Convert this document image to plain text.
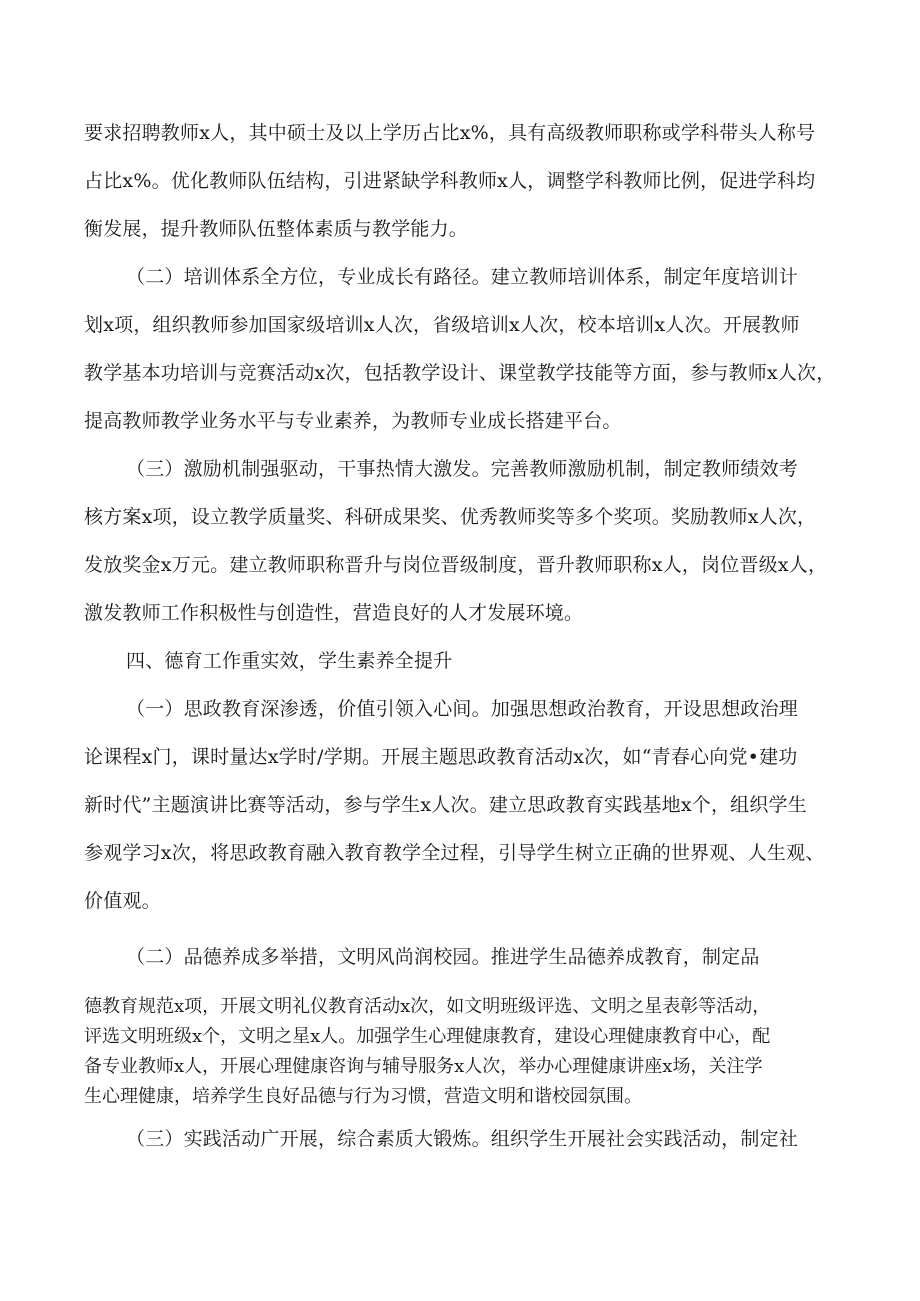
要求招聘教师x人，其中硕士及以上学历占比x%，具有高级教师职称或学科带头人称号
占比x%。优化教师队伍结构，引进紧缺学科教师x人，调整学科教师比例，促进学科均
衡发展，提升教师队伍整体素质与教学能力。
（二）培训体系全方位，专业成长有路径。建立教师培训体系，制定年度培训计
划x项，组织教师参加国家级培训x人次，省级培训x人次，校本培训x人次。开展教师
教学基本功培训与竞赛活动x次，包括教学设计、课堂教学技能等方面，参与教师x人次，
提高教师教学业务水平与专业素养，为教师专业成长搭建平台。
（三）激励机制强驱动，干事热情大激发。完善教师激励机制，制定教师绩效考
核方案x项，设立教学质量奖、科研成果奖、优秀教师奖等多个奖项。奖励教师x人次，
发放奖金x万元。建立教师职称晋升与岗位晋级制度，晋升教师职称x人，岗位晋级x人，
激发教师工作积极性与创造性，营造良好的人才发展环境。
四、德育工作重实效，学生素养全提升
（一）思政教育深渗透，价值引领入心间。加强思想政治教育，开设思想政治理
论课程x门，课时量达x学时/学期。开展主题思政教育活动x次，如“青春心向党•建功
新时代”主题演讲比赛等活动，参与学生x人次。建立思政教育实践基地x个，组织学生
参观学习x次，将思政教育融入教育教学全过程，引导学生树立正确的世界观、人生观、
价值观。
（二）品德养成多举措，文明风尚润校园。推进学生品德养成教育，制定品
德教育规范x项，开展文明礼仪教育活动x次，如文明班级评选、文明之星表彰等活动，
评选文明班级x个，文明之星x人。加强学生心理健康教育，建设心理健康教育中心，配
备专业教师x人，开展心理健康咨询与辅导服务x人次，举办心理健康讲座x场，关注学
生心理健康，培养学生良好品德与行为习惯，营造文明和谐校园氛围。
（三）实践活动广开展，综合素质大锻炼。组织学生开展社会实践活动，制定社
